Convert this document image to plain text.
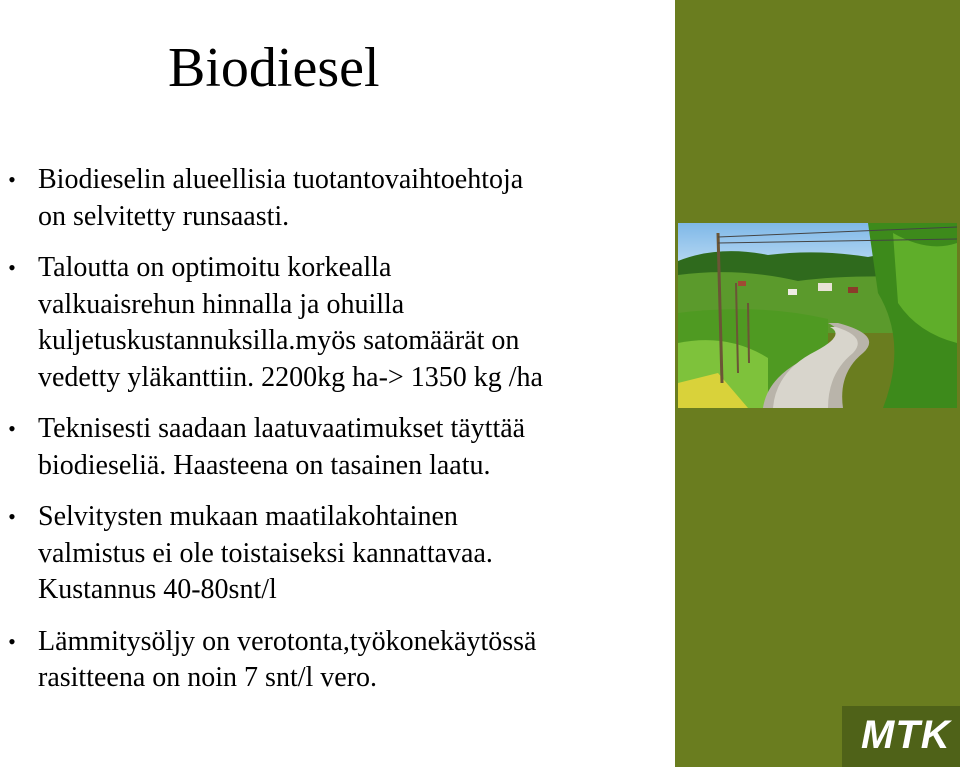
Biodiesel
• Biodieselin alueellisia tuotantovaihtoehtoja
on selvitetty runsaasti.
• Taloutta on optimoitu korkealla
valkuaisrehun hinnalla ja ohuilla
kuljetuskustannuksilla.myös satomäärät on
vedetty yläkanttiin. 2200kg ha-> 1350 kg /ha
• Teknisesti saadaan laatuvaatimukset täyttää
biodieseliä. Haasteena on tasainen laatu.
• Selvitysten mukaan maatilakohtainen
valmistus ei ole toistaiseksi kannattavaa.
Kustannus 40-80snt/l
• Lämmitysöljy on verotonta,työkonekäytössä
rasitteena on noin 7 snt/l vero.
MTK
